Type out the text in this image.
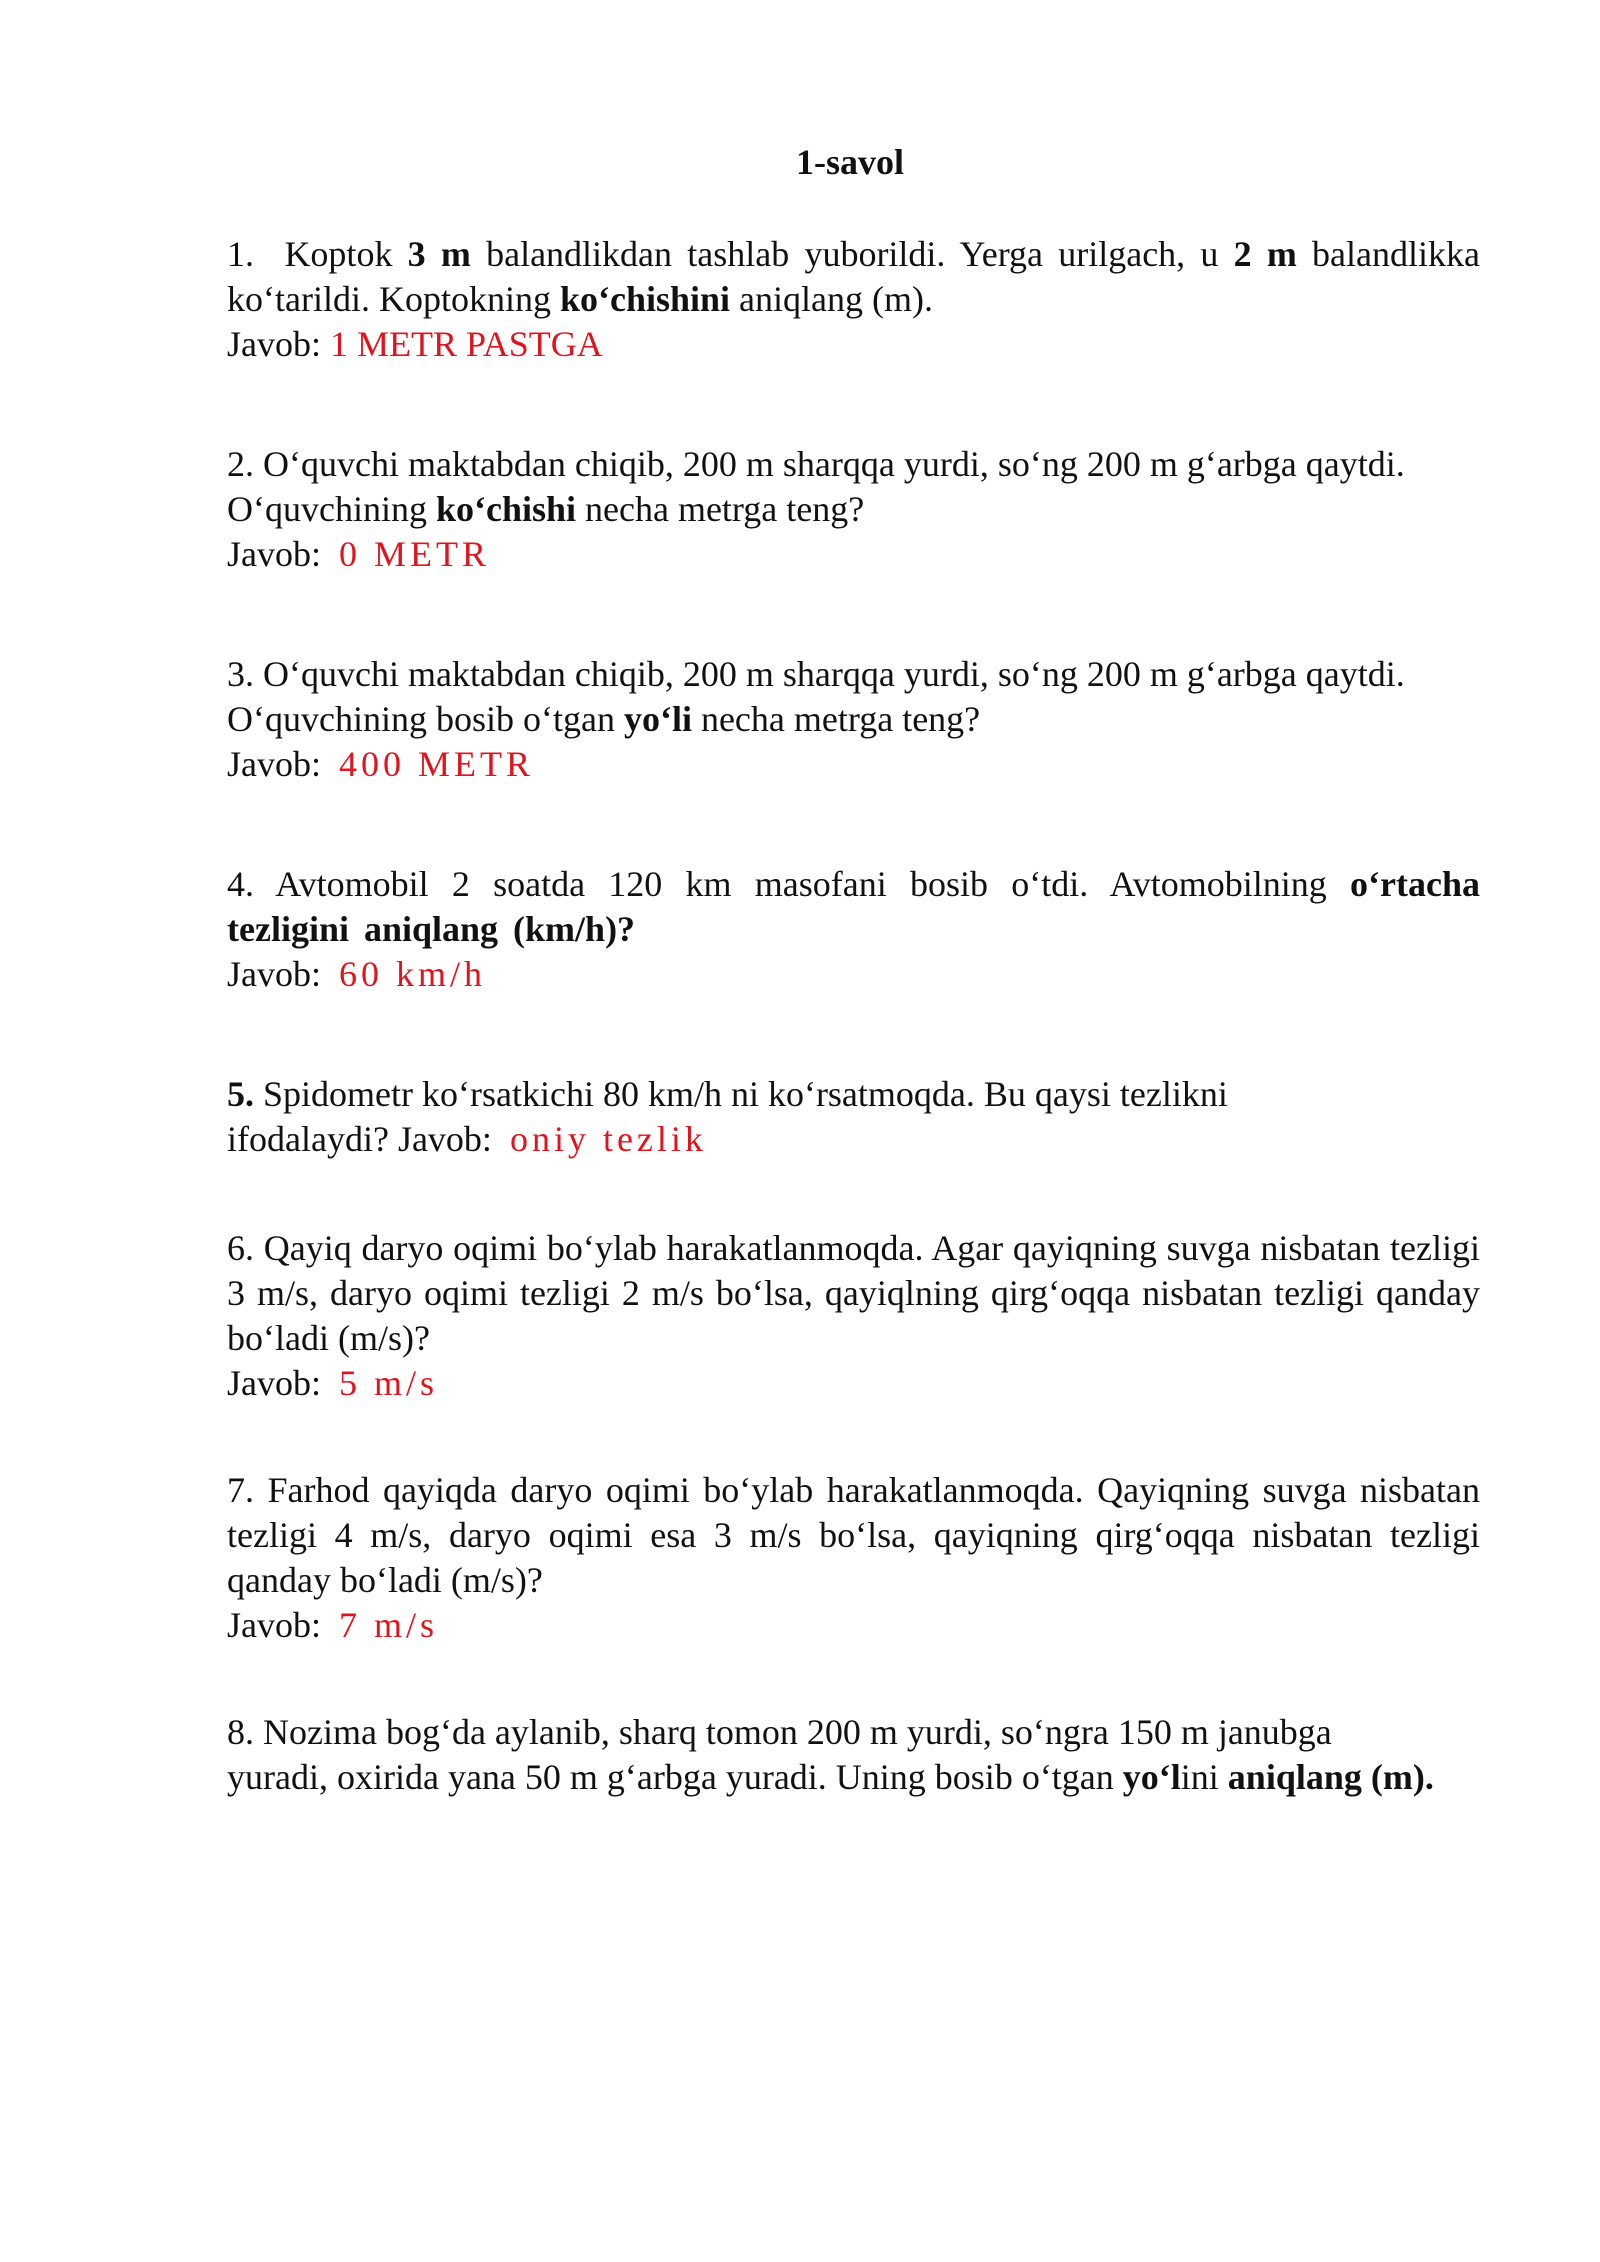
1-savol

1. Koptok 3 m balandlikdan tashlab yuborildi. Yerga urilgach, u 2 m balandlikka ko‘tarildi. Koptokning ko‘chishini aniqlang (m).

Javob: 1 METR PASTGA

2. O‘quvchi maktabdan chiqib, 200 m sharqqa yurdi, so‘ng 200 m g‘arbga qaytdi. O‘quvchining ko‘chishi necha metrga teng?

Javob: 0 METR

3. O‘quvchi maktabdan chiqib, 200 m sharqqa yurdi, so‘ng 200 m g‘arbga qaytdi. O‘quvchining bosib o‘tgan yo‘li necha metrga teng?

Javob: 400 METR

4. Avtomobil 2 soatda 120 km masofani bosib o‘tdi. Avtomobilning o‘rtacha tezligini aniqlang (km/h)?

Javob: 60 km/h

5. Spidometr ko‘rsatkichi 80 km/h ni ko‘rsatmoqda. Bu qaysi tezlikni

ifodalaydi? Javob: oniy tezlik

6. Qayiq daryo oqimi bo‘ylab harakatlanmoqda. Agar qayiqning suvga nisbatan tezligi 3 m/s, daryo oqimi tezligi 2 m/s bo‘lsa, qayiqlning qirg‘oqqa nisbatan tezligi qanday bo‘ladi (m/s)?

Javob: 5 m/s

7. Farhod qayiqda daryo oqimi bo‘ylab harakatlanmoqda. Qayiqning suvga nisbatan tezligi 4 m/s, daryo oqimi esa 3 m/s bo‘lsa, qayiqning qirg‘oqqa nisbatan tezligi qanday bo‘ladi (m/s)?

Javob: 7 m/s

8. Nozima bog‘da aylanib, sharq tomon 200 m yurdi, so‘ngra 150 m janubga yuradi, oxirida yana 50 m g‘arbga yuradi. Uning bosib o‘tgan yo‘lini aniqlang (m).
